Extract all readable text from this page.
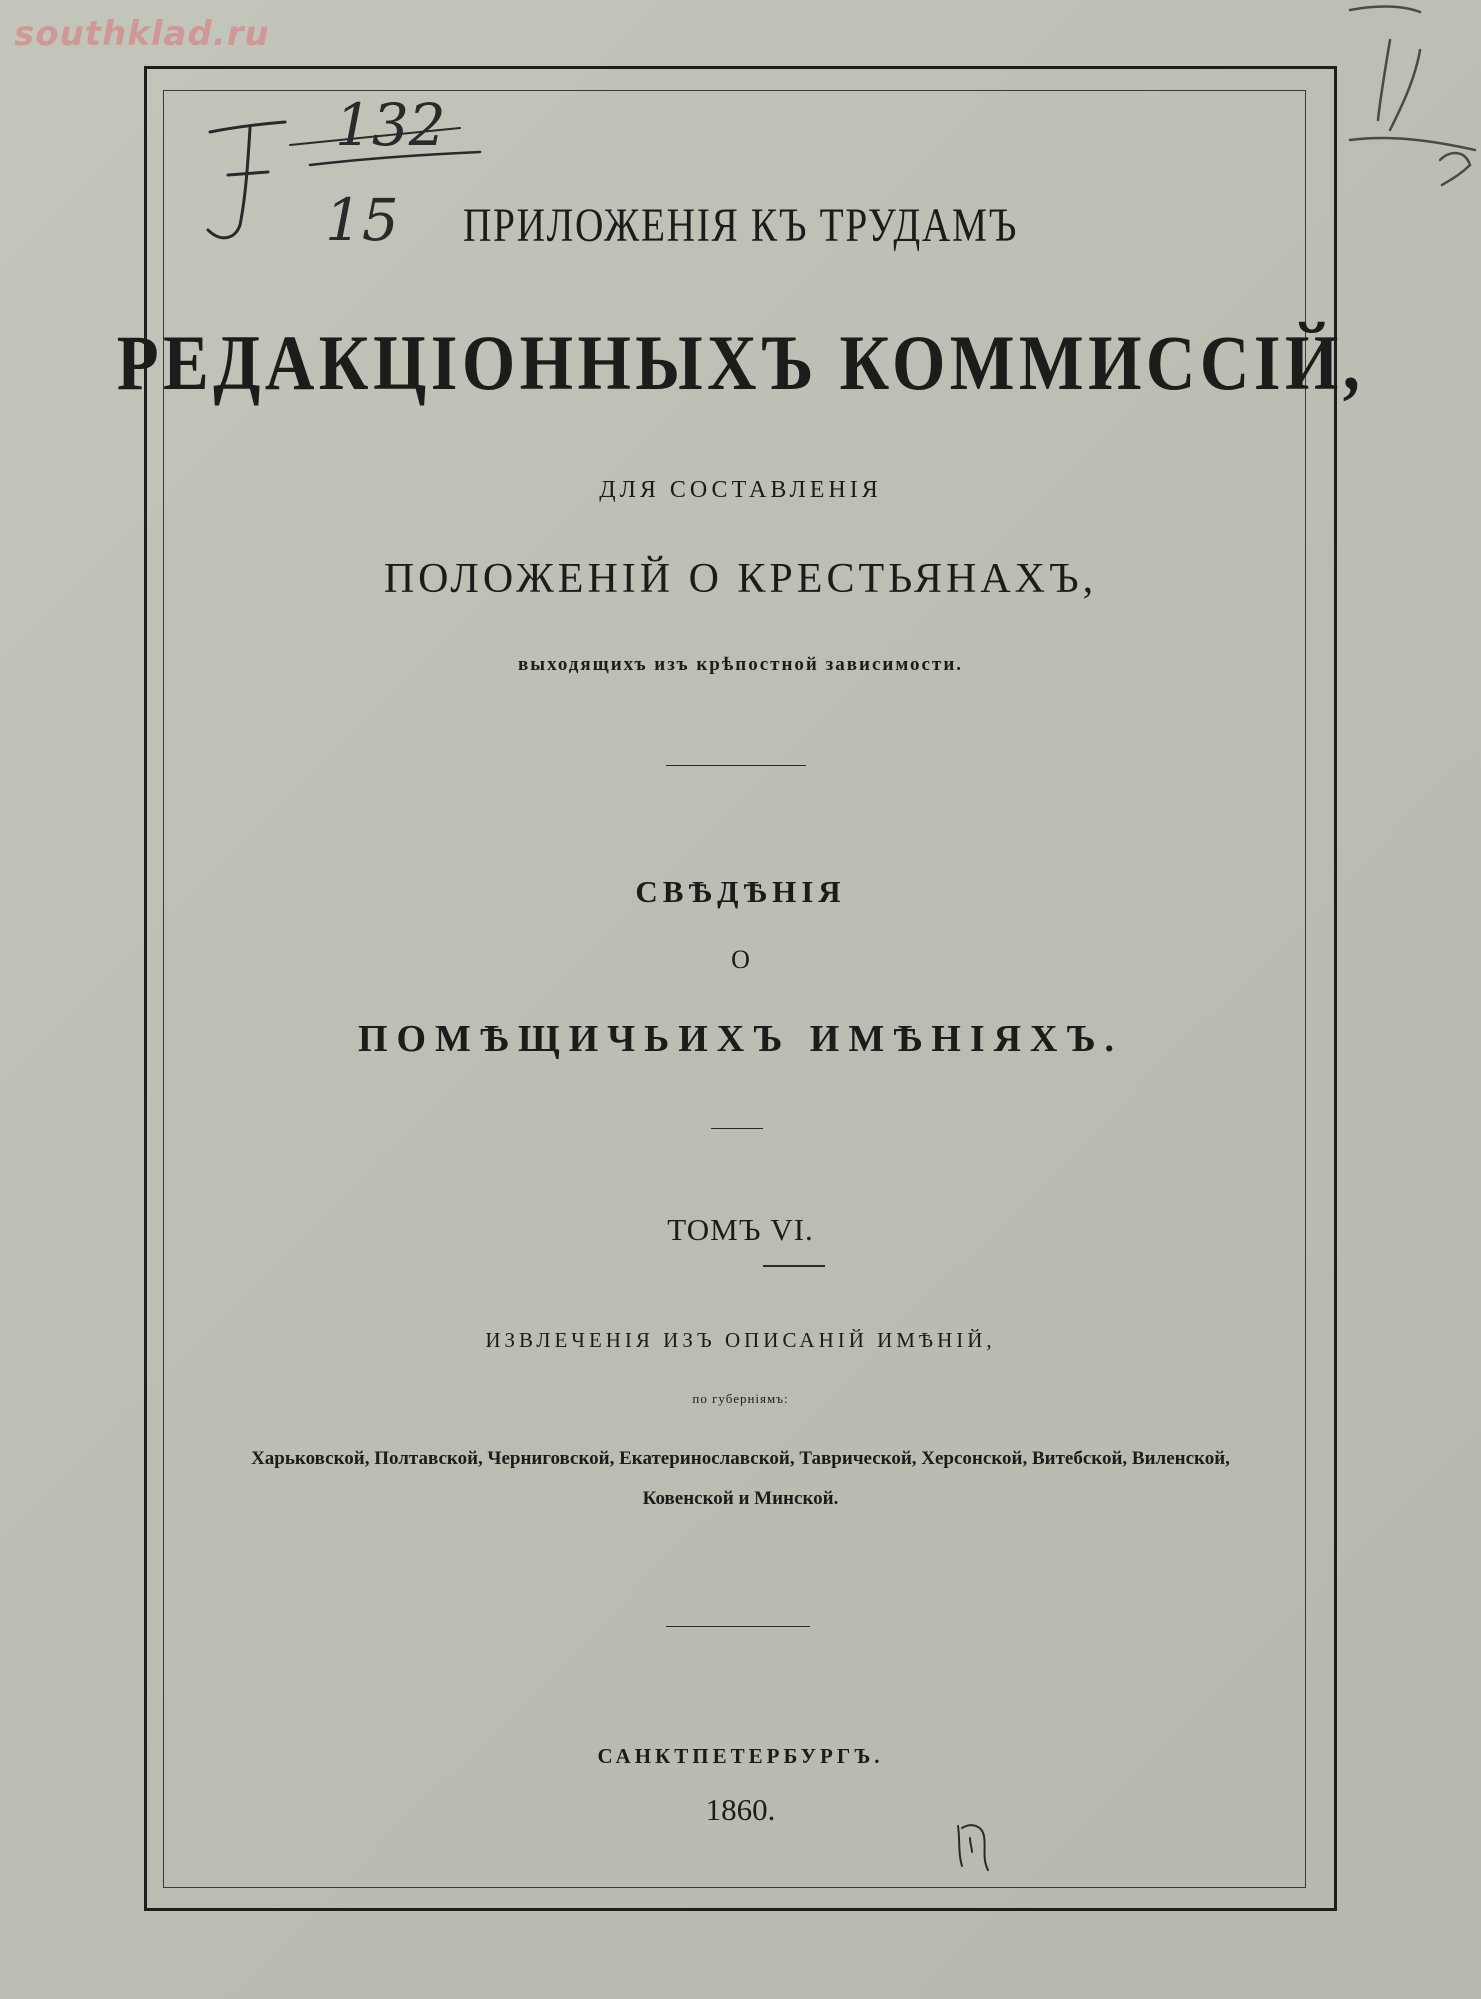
southklad.ru
132
15	ПРИЛОЖЕНІЯ КЪ ТРУДАМЪ
РЕДАКЦІОННЫХЪ КОММИССІЙ,
ДЛЯ СОСТАВЛЕНІЯ
ПОЛОЖЕНІЙ О КРЕСТЬЯНАХЪ,
выходящихъ изъ крѣпостной зависимости.
СВѢДѢНІЯ
О
ПОМѢЩИЧЬИХЪ ИМѢНІЯХЪ.
ТОМЪ VI.
ИЗВЛЕЧЕНІЯ ИЗЪ ОПИСАНІЙ ИМѢНІЙ,
по губерніямъ:
Харьковской, Полтавской, Черниговской, Екатеринославской, Таврической, Херсонской, Витебской, Виленской,
Ковенской и Минской.
САНКТПЕТЕРБУРГЪ.
1860.
